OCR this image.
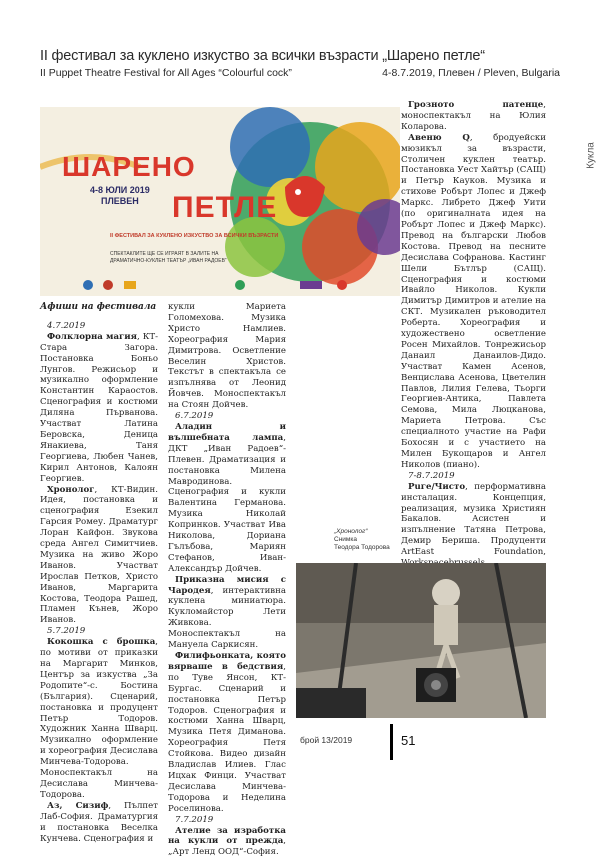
II фестивал за куклено изкуство за всички възрасти „Шарено петле“
II Puppet Theatre Festival for All Ages “Colourful cock”	4-8.7.2019, Плевен / Pleven, Bulgaria
Кукла
ШАРЕНО
4-8 ЮЛИ 2019
ПЛЕВЕН	ПЕТЛЕ
II ФЕСТИВАЛ ЗА КУКЛЕНО ИЗКУСТВО ЗА ВСИЧКИ ВЪЗРАСТИ
СПЕКТАКЛИТЕ ЩЕ СЕ ИГРАЯТ В ЗАЛИТЕ НА
ДРАМАТИЧНО-КУКЛЕН ТЕАТЪР „ИВАН РАДОЕВ“

Афиши на фестивала

4.7.2019

Фолклорна магия, КТ-Стара Загора. Постановка Боньо Лунгов. Режисьор и музикално оформление Константин Караостов. Сценография и костюми Диляна Първанова. Участват Латина Беровска, Деница Янакиева, Таня Георгиева, Любен Чанев, Кирил Антонов, Калоян Георгиев.

Хронолог, КТ-Видин. Идея, постановка и сценография Езекил Гарсия Ромеу. Драматург Лоран Кайфон. Звукова среда Ангел Симитчиев. Музика на живо Жоро Иванов. Участват Ирослав Петков, Христо Иванов, Маргарита Костова, Теодора Рашед, Пламен Кънев, Жоро Иванов.

5.7.2019

Кокошка с брошка, по мотиви от приказки на Маргарит Минков, Център за изкуства „За Родопите“-с. Бостина (България). Сценарий, постановка и продуцент Петър Тодоров. Художник Ханна Шварц. Музикално оформление и хореография Десислава Минчева-Тодорова. Моноспектакъл на Десислава Минчева-Тодорова.

Аз, Сизиф, Пълпет Лаб-София. Драматургия и постановка Веселка Кунчева. Сценография и

кукли Мариета Голомехова. Музика Христо Намлиев. Хореография Мария Димитрова. Осветление Веселин Христов. Текстът в спектакъла се изпълнява от Леонид Йовчев. Моноспектакъл на Стоян Дойчев.

6.7.2019

Аладин и вълшебната лампа, ДКТ „Иван Радоев“-Плевен. Драматизация и постановка Милена Мавродинова. Сценография и кукли Валентина Германова. Музика Николай Копринков. Участват Ива Николова, Дориана Гълъбова, Мариян Стефанов, Иван-Александър Дойчев.

Приказна мисия с Чародея, интерактивна куклена миниатюра. Кукломайстор Лети Живкова. Моноспектакъл на Мануела Саркисян.

Филифьонката, която вярваше в бедствия, по Туве Янсон, КТ-Бургас. Сценарий и постановка Петър Тодоров. Сценография и костюми Ханна Шварц, Музика Петя Диманова. Хореография Петя Стойкова. Видео дизайн Владислав Илиев. Глас Ицхак Финци. Участват Десислава Минчева-Тодорова и Неделина Роселинова.

7.7.2019

Ателие за изработка на кукли от прежда, „Арт Ленд ООД“-София.

Грозното патенце, моноспектакъл на Юлия Коларова.

Авеню Q, бродуейски мюзикъл за възрасти, Столичен куклен театър. Постановка Уест Хайтър (САЩ) и Петър Кауков. Музика и стихове Робърт Лопес и Джеф Маркс. Либрето Джеф Уити (по оригиналната идея на Робърт Лопес и Джеф Маркс). Превод на български Любов Костова. Превод на песните Десислава Софранова. Кастинг Шели Бътлър (САЩ). Сценография и костюми Ивайло Николов. Кукли Димитър Димитров и ателие на СКТ. Музикален ръководител Роберта. Хореография и художествено осветление Росен Михайлов. Тонрежисьор Данаил Данаилов-Дидо. Участват Камен Асенов, Венцислава Асенова, Цветелин Павлов, Лилия Гелева, Тьорги Георгиев-Антика, Павлета Семова, Мила Люцканова, Мариета Петрова. Със специалното участие на Рафи Бохосян и с участието на Милен Букощаров и Ангел Николов (пиано).

7-8.7.2019

Рuге/Чисто, перформативна инсталация. Концепция, реализация, музика Християн Бакалов. Асистен и изпълнение Татяна Петрова, Демир Бериша. Продуценти ArtEast Foundation,

„Хронолог“
Снимка
Теодора Тодорова
брой 13/2019	51
